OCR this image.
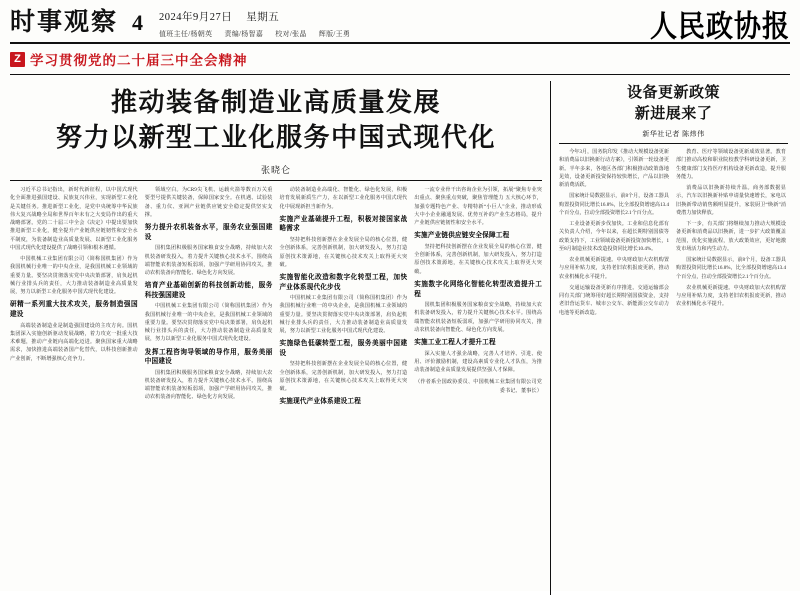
时事观察 4 2024年9月27日 星期五
值班主任/杨朝英 责编/杨智嘉 校对/张晶 辉版/王勇	人民政协报
Z 学习贯彻党的二十届三中全会精神
推动装备制造业高质量发展
努力以新型工业化服务中国式现代化
张晓仑

习近平总书记指出，新时代新征程，以中国式现代化全面推进强国建设、民族复兴伟业，实现新型工业化是关键任务。推进新型工业化，是党中央统筹中华民族伟大复兴战略全局和世界百年未有之大变局作出的重大战略部署。党的二十届三中全会《决定》中提出要加快推进新型工业化，健全提升产业链供应链韧性和安全水平制度，为装备制造业高质量发展、以新型工业化服务中国式现代化建设提供了战略引领和根本遵循。

中国机械工业集团有限公司（简称国机集团）作为我国机械行业唯一的中央企业，是我国机械工业领域的重要力量。要坚决贯彻落实党中央决策部署，肩负起机械行业排头兵的责任，大力推动装备制造业高质量发展，努力以新型工业化服务中国式现代化建设。

研精一系列重大技术攻关，服务制造强国建设

高端装备制造业是制造强国建设的主攻方向。国机集团深入实施创新驱动发展战略，着力攻克一批重大技术难题，推动产业链向高端化迈进。聚焦国家重大战略需求，加快推进高端装备国产化替代，以科技创新推动产业创新，不断增强核心竞争力。

领域空白。为CR9尖飞机、运载火箭等数百万关重要型号提供关键装备，保障国家安全。在机遇、试验装备、重力仪、亚洲产业链供应链安全稳定提供坚实支撑。

努力提升农机装备水平，服务农业强国建设

国机集团积极服务国家粮食安全战略，持续加大农机装备研发投入，着力提升关键核心技术水平。围绕高端智能农机装备短板弱项，加强产学研用协同攻关，推动农机装备向智能化、绿色化方向发展。

培育产业基础创新的科技创新动能，服务科技强国建设

中国机械工业集团有限公司（简称国机集团）作为我国机械行业唯一的中央企业，是我国机械工业领域的重要力量。要坚决贯彻落实党中央决策部署，肩负起机械行业排头兵的责任，大力推动装备制造业高质量发展，努力以新型工业化服务中国式现代化建设。

发挥工程咨询导领域的导作用，服务美丽中国建设

国机集团积极服务国家粮食安全战略，持续加大农机装备研发投入，着力提升关键核心技术水平。围绕高端智能农机装备短板弱项，加强产学研用协同攻关，推动农机装备向智能化、绿色化方向发展。

动装备制造业高端化、智能化、绿色化发展，积极培育发展新质生产力，在以新型工业化服务中国式现代化中展现新担当新作为。

实施产业基础提升工程，积极对接国家战略需求

坚持把科技创新摆在企业发展全局的核心位置，健全创新体系，完善创新机制，加大研发投入，努力打造原创技术策源地，在关键核心技术攻关上取得更大突破。

实施智能化改造和数字化转型工程，加快产业体系现代化步伐

中国机械工业集团有限公司（简称国机集团）作为我国机械行业唯一的中央企业，是我国机械工业领域的重要力量。要坚决贯彻落实党中央决策部署，肩负起机械行业排头兵的责任，大力推动装备制造业高质量发展，努力以新型工业化服务中国式现代化建设。

实施绿色低碳转型工程，服务美丽中国建设

坚持把科技创新摆在企业发展全局的核心位置，健全创新体系，完善创新机制，加大研发投入，努力打造原创技术策源地，在关键核心技术攻关上取得更大突破。

实施现代产业体系建设工程

一流专业骨干出咨询企业为引领，拓展“聚焦专业突出重点、聚焦重点突破，聚焦管理能力 五大核心环节，加强专题特色产业、专精特新“小巨人”企业，推动形成大中小企业融通发展、优势互补的产业生态格局，提升产业链供应链韧性和安全水平。

实施产业链供应链安全保障工程

坚持把科技创新摆在企业发展全局的核心位置，健全创新体系，完善创新机制，加大研发投入，努力打造原创技术策源地，在关键核心技术攻关上取得更大突破。

实施数字化网络化智能化转型改造提升工程

国机集团积极服务国家粮食安全战略，持续加大农机装备研发投入，着力提升关键核心技术水平。围绕高端智能农机装备短板弱项，加强产学研用协同攻关，推动农机装备向智能化、绿色化方向发展。

实施工业工程人才提升工程

深入实施人才强企战略，完善人才培养、引进、使用、评价激励机制，建设高素质专业化人才队伍，为推动装备制造业高质量发展提供坚强人才保障。

（作者系全国政协委员、中国机械工业集团有限公司党委书记、董事长）

设备更新政策
新进展来了
新华社记者 陈炜伟

今年3月，国务院印发《推动大规模设备更新和消费品以旧换新行动方案》，引领新一轮设备更新。半年多来，各地区各部门积极推动政策落地见效，设备更新投资保持较快增长，产品以旧换新消费活跃。

国家统计局数据显示，前8个月，设备工器具购置投资同比增长16.8%，比全部投资增速高13.4个百分点，拉动全部投资增长2.1个百分点。

工业设备更新步伐加快。工业和信息化部有关负责人介绍，今年以来，在超长期特别国债等政策支持下，工业领域设备更新投资加快增长，1至8月制造业技术改造投资同比增长10.4%。

农业机械更新提速。中央财政加大农机购置与应用补贴力度，支持老旧农机报废更新，推动农业机械化水平提升。

交通运输设备更新有序推进。交通运输部会同有关部门统筹用好超长期特别国债资金，支持老旧营运货车、城市公交车、新能源公交车动力电池等更新改造。

教育、医疗等领域设备更新成效显著。教育部门推动高校和职业院校教学科研设备更新，卫生健康部门支持医疗机构设备更新改造，提升服务能力。

消费品以旧换新持续升温。商务部数据显示，汽车以旧换新补贴申请量快速增长，家电以旧换新带动销售额明显提升，家装厨卫“焕新”消费潜力加快释放。

下一步，有关部门将继续加力推动大规模设备更新和消费品以旧换新，进一步扩大政策覆盖范围，优化实施流程，放大政策效应，更好地激发市场活力和内生动力。

国家统计局数据显示，前8个月，设备工器具购置投资同比增长16.8%，比全部投资增速高13.4个百分点，拉动全部投资增长2.1个百分点。

农业机械更新提速。中央财政加大农机购置与应用补贴力度，支持老旧农机报废更新，推动农业机械化水平提升。
